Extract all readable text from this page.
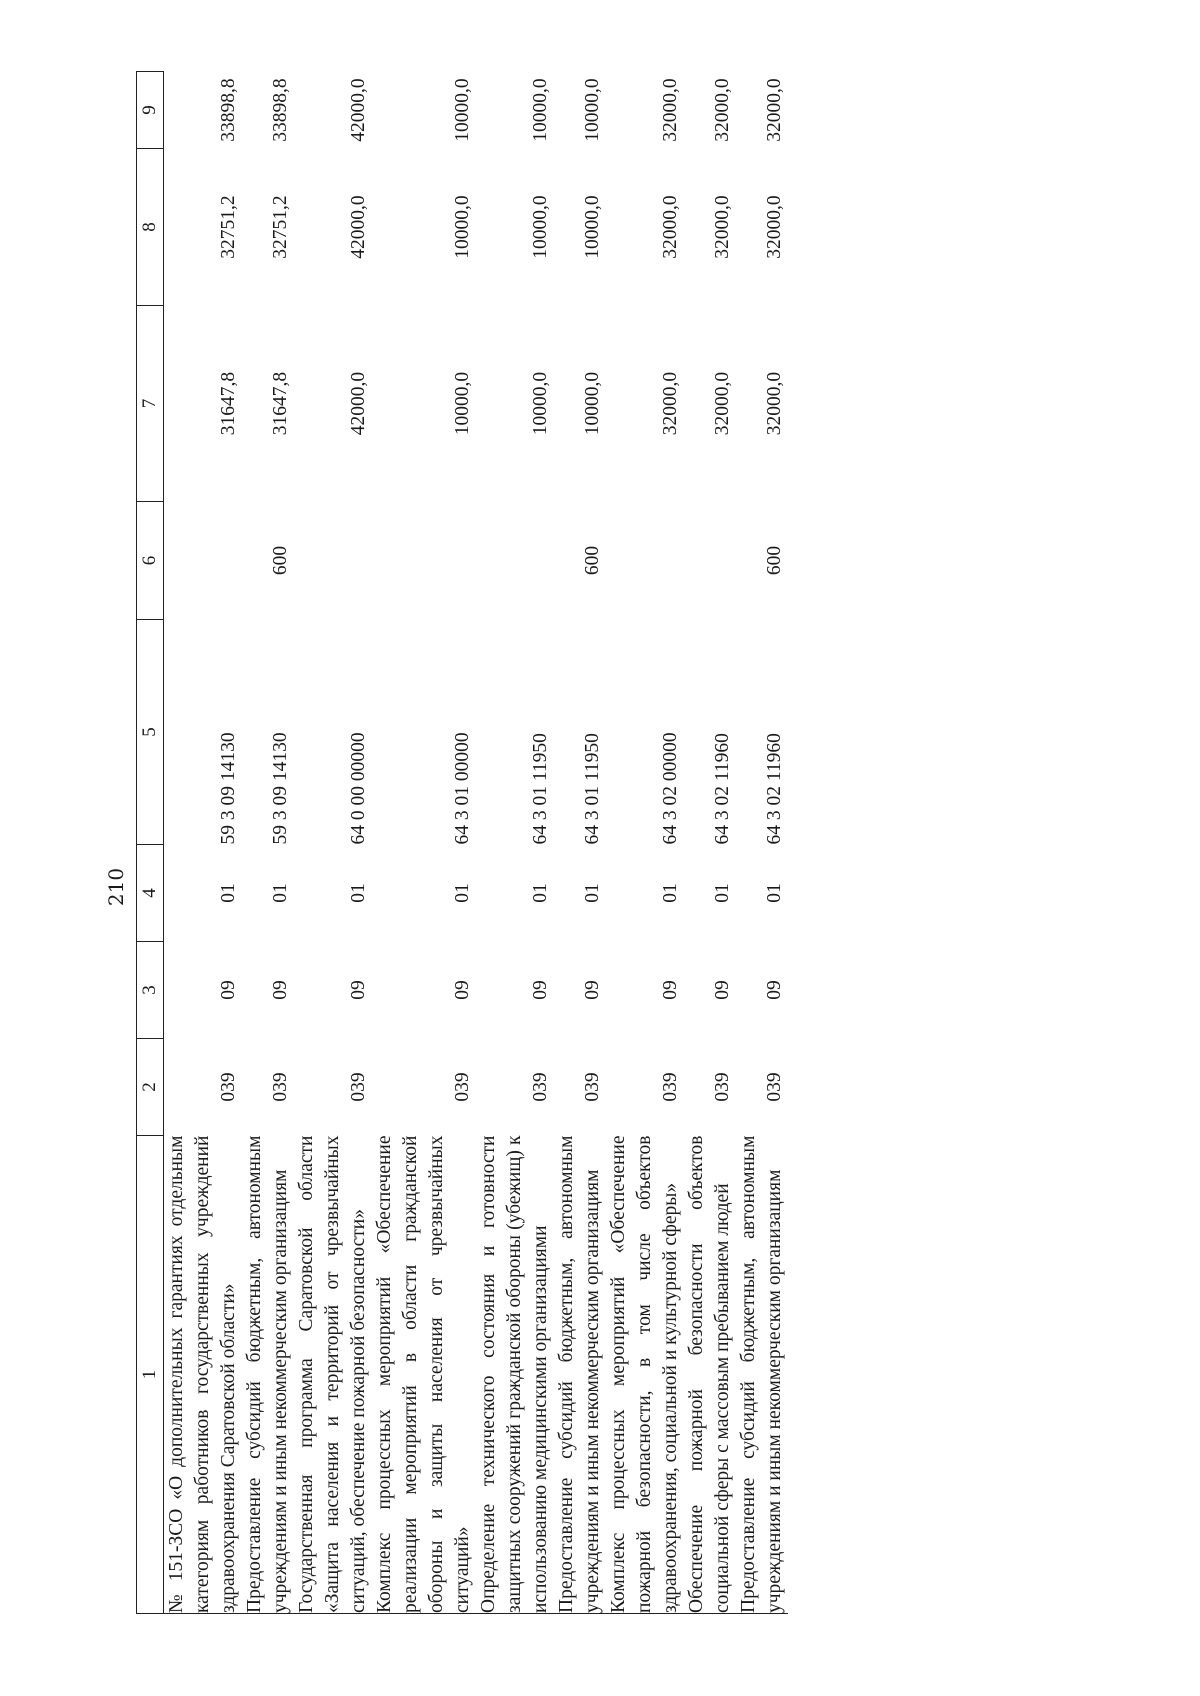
210
1	2	3	4	5	6	7	8	9
№ 151-ЗСО «О дополнительных гарантиях отдельным категориям работников государственных учреждений здравоохранения Саратовской области»	039	09	01	59 3 09 14130		31647,8	32751,2	33898,8
Предоставление субсидий бюджетным, автономным учреждениям и иным некоммерческим организациям	039	09	01	59 3 09 14130	600	31647,8	32751,2	33898,8
Государственная программа Саратовской области «Защита населения и территорий от чрезвычайных ситуаций, обеспечение пожарной безопасности»	039	09	01	64 0 00 00000		42000,0	42000,0	42000,0
Комплекс процессных мероприятий «Обеспечение реализации мероприятий в области гражданской обороны и защиты населения от чрезвычайных ситуаций»	039	09	01	64 3 01 00000		10000,0	10000,0	10000,0
Определение технического состояния и готовности защитных сооружений гражданской обороны (убежищ) к использованию медицинскими организациями	039	09	01	64 3 01 11950		10000,0	10000,0	10000,0
Предоставление субсидий бюджетным, автономным учреждениям и иным некоммерческим организациям	039	09	01	64 3 01 11950	600	10000,0	10000,0	10000,0
Комплекс процессных мероприятий «Обеспечение пожарной безопасности, в том числе объектов здравоохранения, социальной и культурной сферы»	039	09	01	64 3 02 00000		32000,0	32000,0	32000,0
Обеспечение пожарной безопасности объектов социальной сферы с массовым пребыванием людей	039	09	01	64 3 02 11960		32000,0	32000,0	32000,0
Предоставление субсидий бюджетным, автономным учреждениям и иным некоммерческим организациям	039	09	01	64 3 02 11960	600	32000,0	32000,0	32000,0
